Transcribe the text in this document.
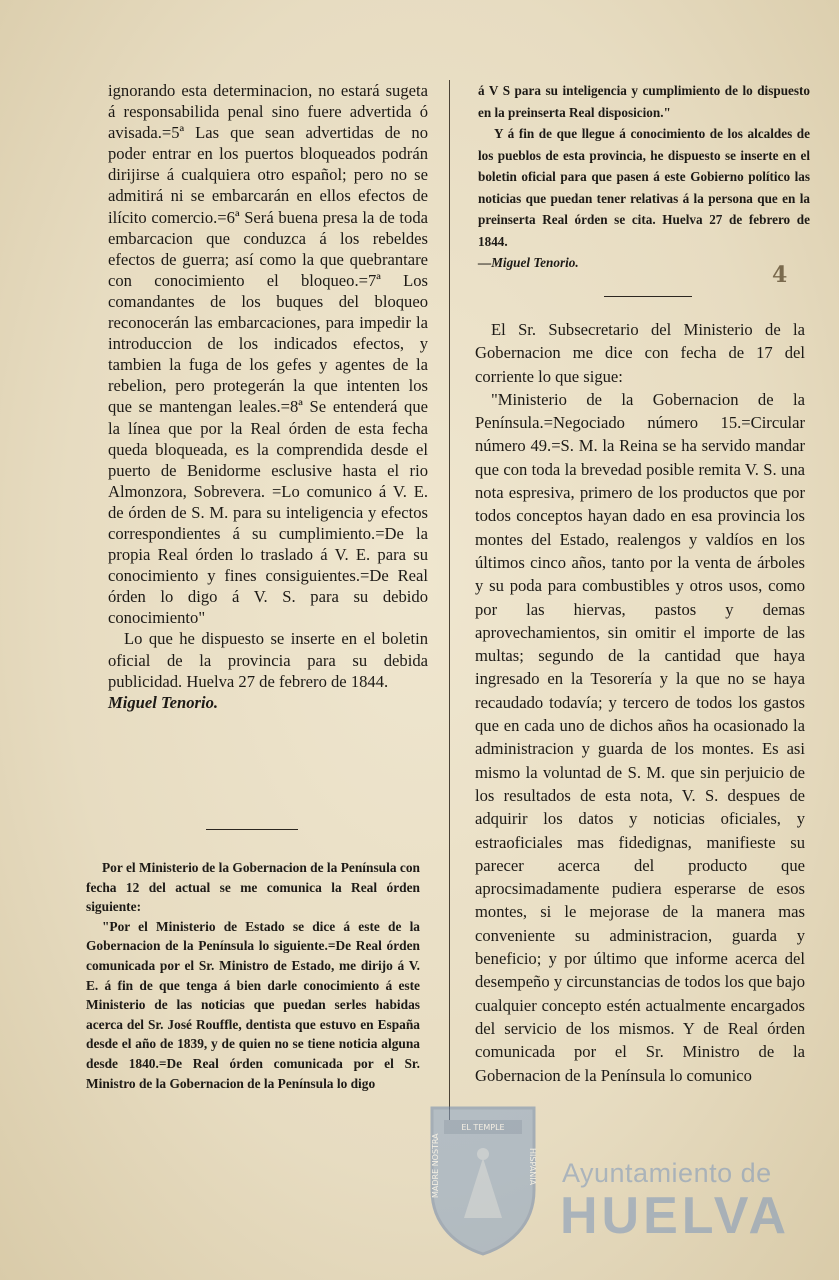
ignorando esta determinacion, no estará sugeta á responsabilida penal sino fuere advertida ó avisada.=5ª Las que sean advertidas de no poder entrar en los puertos bloqueados podrán dirijirse á cualquiera otro español; pero no se admitirá ni se embarcarán en ellos efectos de ilícito comercio.=6ª Será buena presa la de toda embarcacion que conduzca á los rebeldes efectos de guerra; así como la que quebrantare con conocimiento el bloqueo.=7ª Los comandantes de los buques del bloqueo reconocerán las embarcaciones, para impedir la introduccion de los indicados efectos, y tambien la fuga de los gefes y agentes de la rebelion, pero protegerán la que intenten los que se mantengan leales.=8ª Se entenderá que la línea que por la Real órden de esta fecha queda bloqueada, es la comprendida desde el puerto de Benidorme esclusive hasta el rio Almonzora, Sobrevera. =Lo comunico á V. E. de órden de S. M. para su inteligencia y efectos correspondientes á su cumplimiento.=De la propia Real órden lo traslado á V. E. para su conocimiento y fines consiguientes.=De Real órden lo digo á V. S. para su debido conocimiento"

Lo que he dispuesto se inserte en el boletin oficial de la provincia para su debida publicidad. Huelva 27 de febrero de 1844.

Miguel Tenorio.

Por el Ministerio de la Gobernacion de la Península con fecha 12 del actual se me comunica la Real órden siguiente:

"Por el Ministerio de Estado se dice á este de la Gobernacion de la Península lo siguiente.=De Real órden comunicada por el Sr. Ministro de Estado, me dirijo á V. E. á fin de que tenga á bien darle conocimiento á este Ministerio de las noticias que puedan serles habidas acerca del Sr. José Rouffle, dentista que estuvo en España desde el año de 1839, y de quien no se tiene noticia alguna desde 1840.=De Real órden comunicada por el Sr. Ministro de la Gobernacion de la Península lo digo

á V S para su inteligencia y cumplimiento de lo dispuesto en la preinserta Real disposicion."

Y á fin de que llegue á conocimiento de los alcaldes de los pueblos de esta provincia, he dispuesto se inserte en el boletin oficial para que pasen á este Gobierno político las noticias que puedan tener relativas á la persona que en la preinserta Real órden se cita. Huelva 27 de febrero de 1844.

—Miguel Tenorio.	4

El Sr. Subsecretario del Ministerio de la Gobernacion me dice con fecha de 17 del corriente lo que sigue:

"Ministerio de la Gobernacion de la Península.=Negociado número 15.=Circular número 49.=S. M. la Reina se ha servido mandar que con toda la brevedad posible remita V. S. una nota espresiva, primero de los productos que por todos conceptos hayan dado en esa provincia los montes del Estado, realengos y valdíos en los últimos cinco años, tanto por la venta de árboles y su poda para combustibles y otros usos, como por las hiervas, pastos y demas aprovechamientos, sin omitir el importe de las multas; segundo de la cantidad que haya ingresado en la Tesorería y la que no se haya recaudado todavía; y tercero de todos los gastos que en cada uno de dichos años ha ocasionado la administracion y guarda de los montes. Es asi mismo la voluntad de S. M. que sin perjuicio de los resultados de esta nota, V. S. despues de adquirir los datos y noticias oficiales, y estraoficiales mas fidedignas, manifieste su parecer acerca del producto que aprocsimadamente pudiera esperarse de esos montes, si le mejorase de la manera mas conveniente su administracion, guarda y beneficio; y por último que informe acerca del desempeño y circunstancias de todos los que bajo cualquier concepto estén actualmente encargados del servicio de los mismos. Y de Real órden comunicada por el Sr. Ministro de la Gobernacion de la Península lo comunico

EL TEMPLE
MADRE NOSTRA	HISPANIA Ayuntamiento de
HUELVA
